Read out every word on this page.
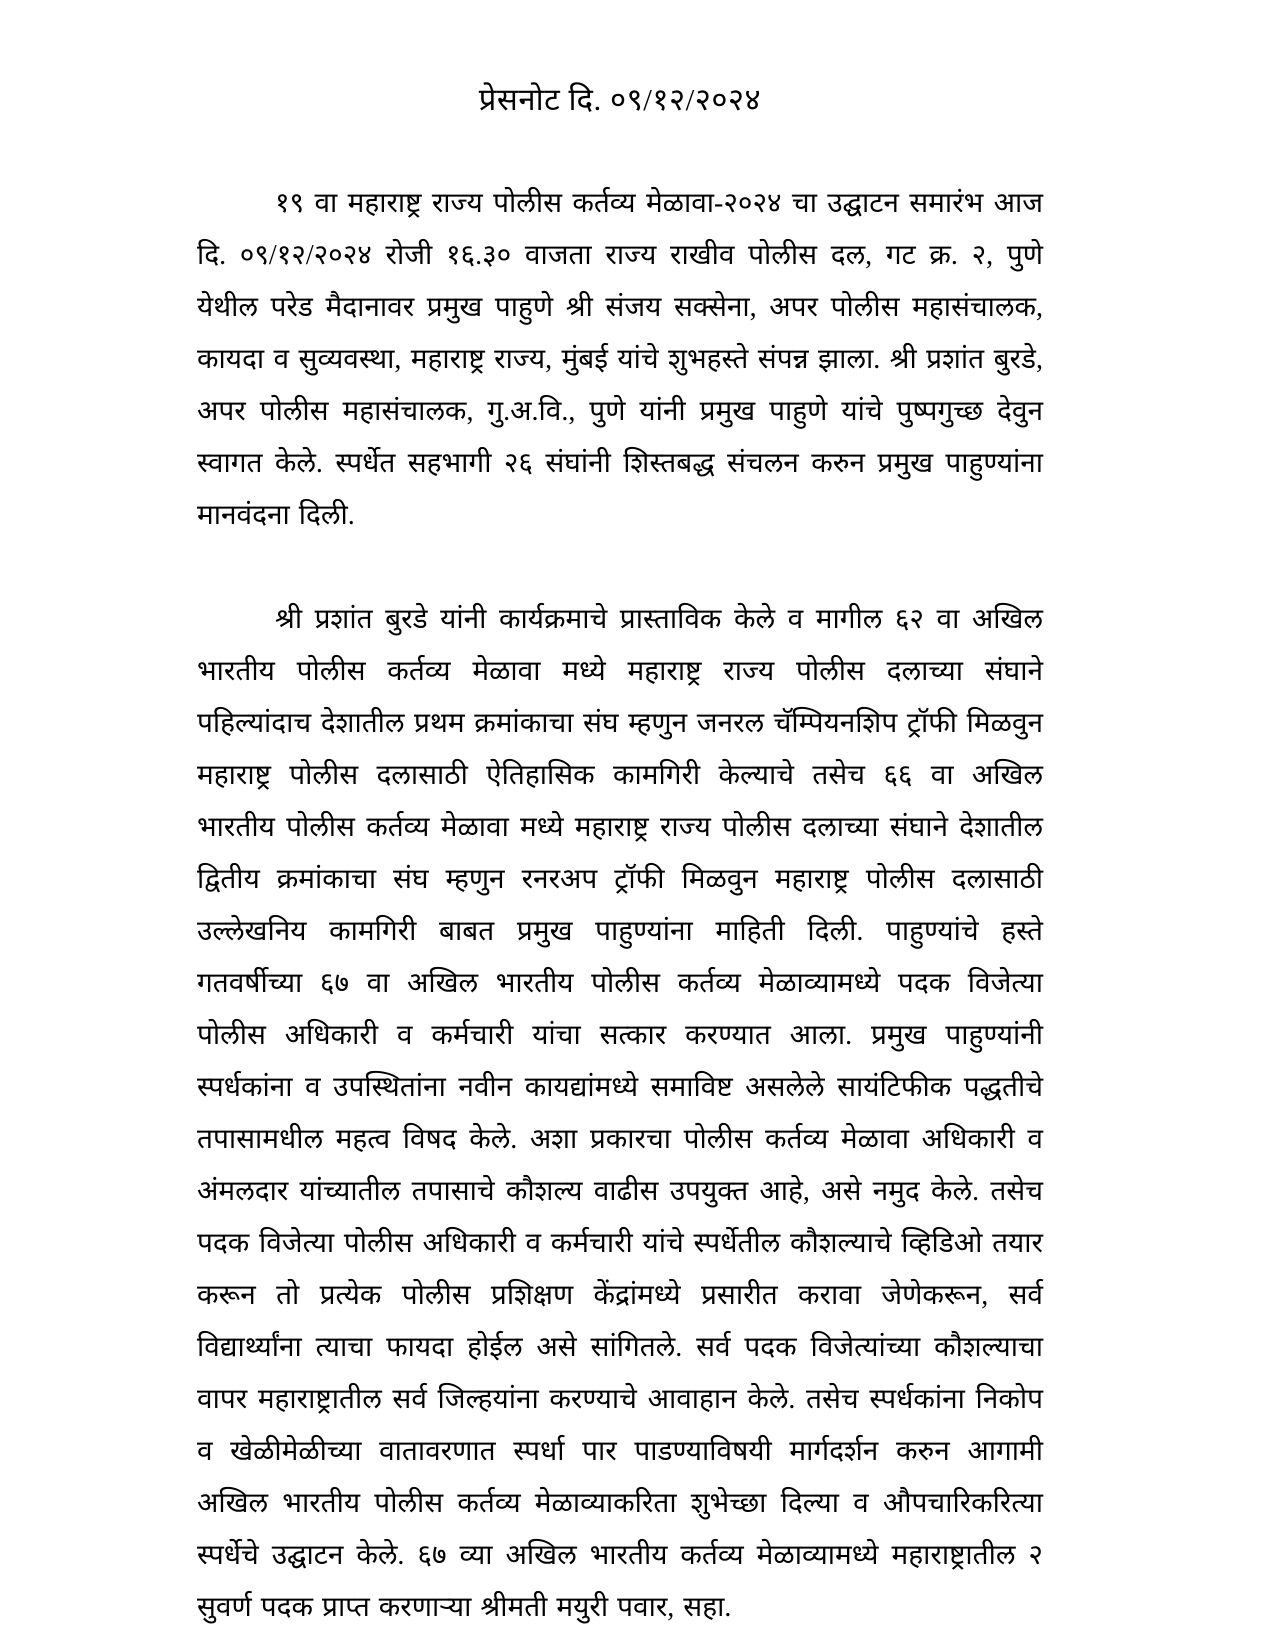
प्रेसनोट दि. ०९/१२/२०२४

१९ वा महाराष्ट्र राज्य पोलीस कर्तव्य मेळावा-२०२४ चा उद्घाटन समारंभ आज दि. ०९/१२/२०२४ रोजी १६.३० वाजता राज्य राखीव पोलीस दल, गट क्र. २, पुणे येथील परेड मैदानावर प्रमुख पाहुणे श्री संजय सक्सेना, अपर पोलीस महासंचालक, कायदा व सुव्यवस्था, महाराष्ट्र राज्य, मुंबई यांचे शुभहस्ते संपन्न झाला. श्री प्रशांत बुरडे, अपर पोलीस महासंचालक, गु.अ.वि., पुणे यांनी प्रमुख पाहुणे यांचे पुष्पगुच्छ देवुन स्वागत केले. स्पर्धेत सहभागी २६ संघांनी शिस्तबद्ध संचलन करुन प्रमुख पाहुण्यांना मानवंदना दिली.

श्री प्रशांत बुरडे यांनी कार्यक्रमाचे प्रास्ताविक केले व मागील ६२ वा अखिल भारतीय पोलीस कर्तव्य मेळावा मध्ये महाराष्ट्र राज्य पोलीस दलाच्या संघाने पहिल्यांदाच देशातील प्रथम क्रमांकाचा संघ म्हणुन जनरल चॅम्पियनशिप ट्रॉफी मिळवुन महाराष्ट्र पोलीस दलासाठी ऐतिहासिक कामगिरी केल्याचे तसेच ६६ वा अखिल भारतीय पोलीस कर्तव्य मेळावा मध्ये महाराष्ट्र राज्य पोलीस दलाच्या संघाने देशातील द्वितीय क्रमांकाचा संघ म्हणुन रनरअप ट्रॉफी मिळवुन महाराष्ट्र पोलीस दलासाठी उल्लेखनिय कामगिरी बाबत प्रमुख पाहुण्यांना माहिती दिली. पाहुण्यांचे हस्ते गतवर्षीच्या ६७ वा अखिल भारतीय पोलीस कर्तव्य मेळाव्यामध्ये पदक विजेत्या पोलीस अधिकारी व कर्मचारी यांचा सत्कार करण्यात आला. प्रमुख पाहुण्यांनी स्पर्धकांना व उपस्थितांना नवीन कायद्यांमध्ये समाविष्ट असलेले सायंटिफीक पद्धतीचे तपासामधील महत्व विषद केले. अशा प्रकारचा पोलीस कर्तव्य मेळावा अधिकारी व अंमलदार यांच्यातील तपासाचे कौशल्य वाढीस उपयुक्त आहे, असे नमुद केले. तसेच पदक विजेत्या पोलीस अधिकारी व कर्मचारी यांचे स्पर्धेतील कौशल्याचे व्हिडिओ तयार करून तो प्रत्येक पोलीस प्रशिक्षण केंद्रांमध्ये प्रसारीत करावा जेणेकरून, सर्व विद्यार्थ्यांना त्याचा फायदा होईल असे सांगितले. सर्व पदक विजेत्यांच्या कौशल्याचा वापर महाराष्ट्रातील सर्व जिल्हयांना करण्याचे आवाहान केले. तसेच स्पर्धकांना निकोप व खेळीमेळीच्या वातावरणात स्पर्धा पार पाडण्याविषयी मार्गदर्शन करुन आगामी अखिल भारतीय पोलीस कर्तव्य मेळाव्याकरिता शुभेच्छा दिल्या व औपचारिकरित्या स्पर्धेचे उद्घाटन केले. ६७ व्या अखिल भारतीय कर्तव्य मेळाव्यामध्ये महाराष्ट्रातील २ सुवर्ण पदक प्राप्त करणाऱ्या श्रीमती मयुरी पवार, सहा.
